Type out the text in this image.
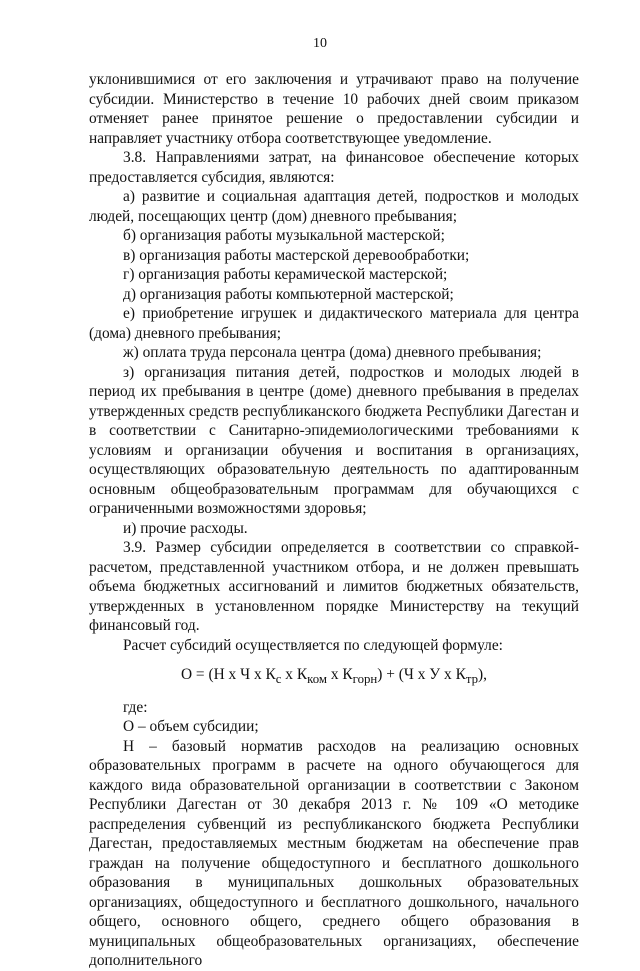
10

уклонившимися от его заключения и утрачивают право на получение субсидии. Министерство в течение 10 рабочих дней своим приказом отменяет ранее принятое решение о предоставлении субсидии и направляет участнику отбора соответствующее уведомление.

3.8. Направлениями затрат, на финансовое обеспечение которых предоставляется субсидия, являются:

а) развитие и социальная адаптация детей, подростков и молодых людей, посещающих центр (дом) дневного пребывания;

б) организация работы музыкальной мастерской;

в) организация работы мастерской деревообработки;

г) организация работы керамической мастерской;

д) организация работы компьютерной мастерской;

е) приобретение игрушек и дидактического материала для центра (дома) дневного пребывания;

ж) оплата труда персонала центра (дома) дневного пребывания;

з) организация питания детей, подростков и молодых людей в период их пребывания в центре (доме) дневного пребывания в пределах утвержденных средств республиканского бюджета Республики Дагестан и в соответствии с Санитарно-эпидемиологическими требованиями к условиям и организации обучения и воспитания в организациях, осуществляющих образовательную деятельность по адаптированным основным общеобразовательным программам для обучающихся с ограниченными возможностями здоровья;

и) прочие расходы.

3.9. Размер субсидии определяется в соответствии со справкой-расчетом, представленной участником отбора, и не должен превышать объема бюджетных ассигнований и лимитов бюджетных обязательств, утвержденных в установленном порядке Министерству на текущий финансовый год.

Расчет субсидий осуществляется по следующей формуле:

О = (Н х Ч х $К_с$ х $К_{ком}$ х $К_{горн}) + (Ч$ х У х $К_{тр}$),

где:

О – объем субсидии;

Н – базовый норматив расходов на реализацию основных образовательных программ в расчете на одного обучающегося для каждого вида образовательной организации в соответствии с Законом Республики Дагестан от 30 декабря 2013 г. № 109 «О методике распределения субвенций из республиканского бюджета Республики Дагестан, предоставляемых местным бюджетам на обеспечение прав граждан на получение общедоступного и бесплатного дошкольного образования в муниципальных дошкольных образовательных организациях, общедоступного и бесплатного дошкольного, начального общего, основного общего, среднего общего образования в муниципальных общеобразовательных организациях, обеспечение дополнительного
